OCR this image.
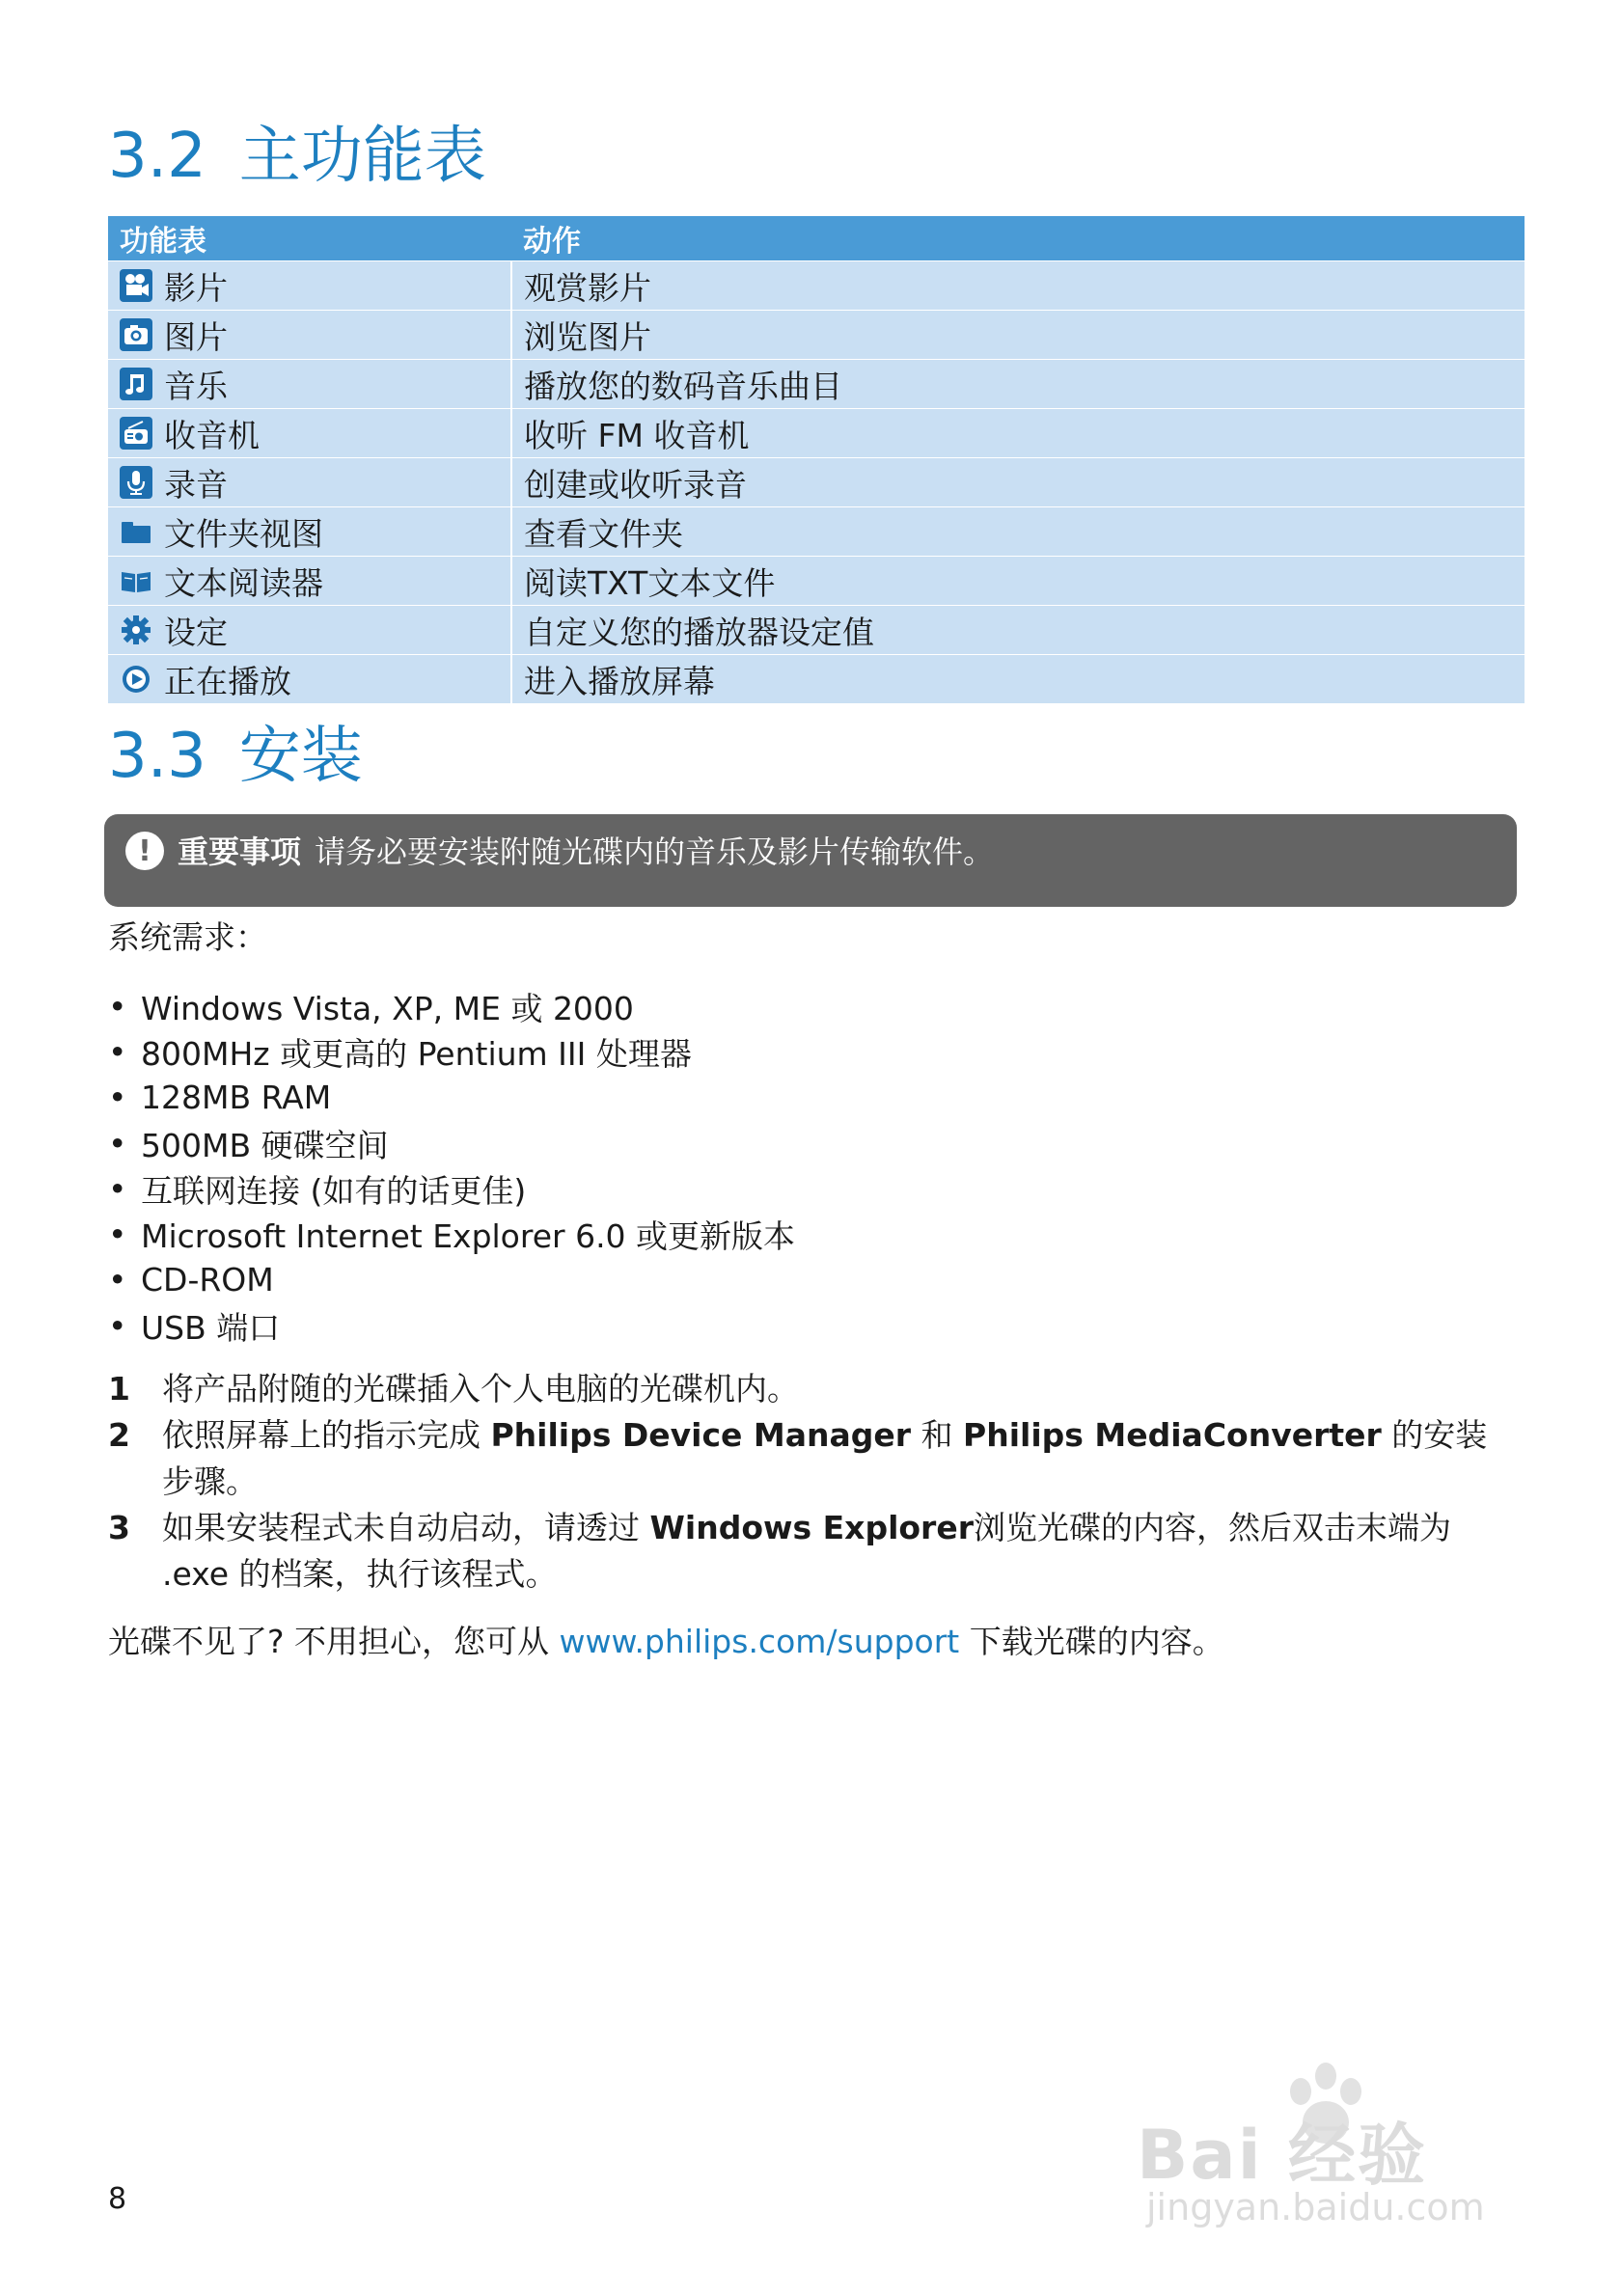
3.2 主功能表
功能表	动作

影片	观赏影片

图片	浏览图片

音乐	播放您的数码音乐曲目

收音机	收听 FM 收音机

录音	创建或收听录音

文件夹视图	查看文件夹

文本阅读器	阅读TXT文本文件

设定	自定义您的播放器设定值

正在播放	进入播放屏幕
3.3 安装
! 重要事项 请务必要安装附随光碟内的音乐及影片传输软件。
系统需求：
• Windows Vista, XP, ME 或 2000
• 800MHz 或更高的 Pentium III 处理器
• 128MB RAM
• 500MB 硬碟空间
• 互联网连接 (如有的话更佳)
• Microsoft Internet Explorer 6.0 或更新版本
• CD-ROM
• USB 端口
1	将产品附随的光碟插入个人电脑的光碟机内。
2	依照屏幕上的指示完成 Philips Device Manager 和 Philips MediaConverter 的安装步骤。
3	如果安装程式未自动启动，请透过 Windows Explorer浏览光碟的内容，然后双击末端为 .exe 的档案，执行该程式。
光碟不见了? 不用担心，您可从 www.philips.com/support 下载光碟的内容。
8
Bai 经验
jingyan.baidu.com
